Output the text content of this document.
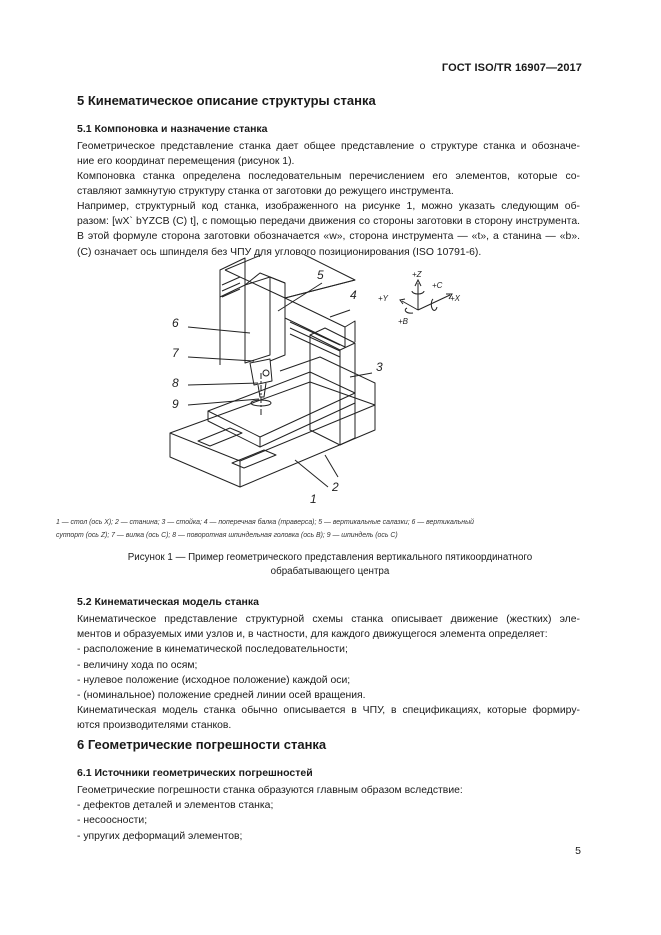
ГОСТ ISO/TR 16907—2017
5 Кинематическое описание структуры станка
5.1 Компоновка и назначение станка
Геометрическое представление станка дает общее представление о структуре станка и обозначе-
ние его координат перемещения (рисунок 1).
Компоновка станка определена последовательным перечислением его элементов, которые со-
ставляют замкнутую структуру станка от заготовки до режущего инструмента.
Например, структурный код станка, изображенного на рисунке 1, можно указать следующим об-
разом: [wX` bYZCB (C) t], с помощью передачи движения со стороны заготовки в сторону инструмента.
В этой формуле сторона заготовки обозначается «w», сторона инструмента — «t», а станина — «b».
(C) означает ось шпинделя без ЧПУ для углового позиционирования (ISO 10791-6).
1
2
3
4
5
6
7
8
9
+Z
+C
+Y	+X
+B
1 — стол (ось X); 2 — станина; 3 — стойка; 4 — поперечная балка (траверса); 5 — вертикальные салазки; 6 — вертикальный
суппорт (ось Z); 7 — вилка (ось C); 8 — поворотная шпиндельная головка (ось B); 9 — шпиндель (ось C)
Рисунок 1 — Пример геометрического представления вертикального пятикоординатного
обрабатывающего центра
5.2 Кинематическая модель станка
Кинематическое представление структурной схемы станка описывает движение (жестких) эле-
ментов и образуемых ими узлов и, в частности, для каждого движущегося элемента определяет:
- расположение в кинематической последовательности;
- величину хода по осям;
- нулевое положение (исходное положение) каждой оси;
- (номинальное) положение средней линии осей вращения.
Кинематическая модель станка обычно описывается в ЧПУ, в спецификациях, которые формиру-
ются производителями станков.
6 Геометрические погрешности станка
6.1 Источники геометрических погрешностей
Геометрические погрешности станка образуются главным образом вследствие:
- дефектов деталей и элементов станка;
- несоосности;
- упругих деформаций элементов;
5
